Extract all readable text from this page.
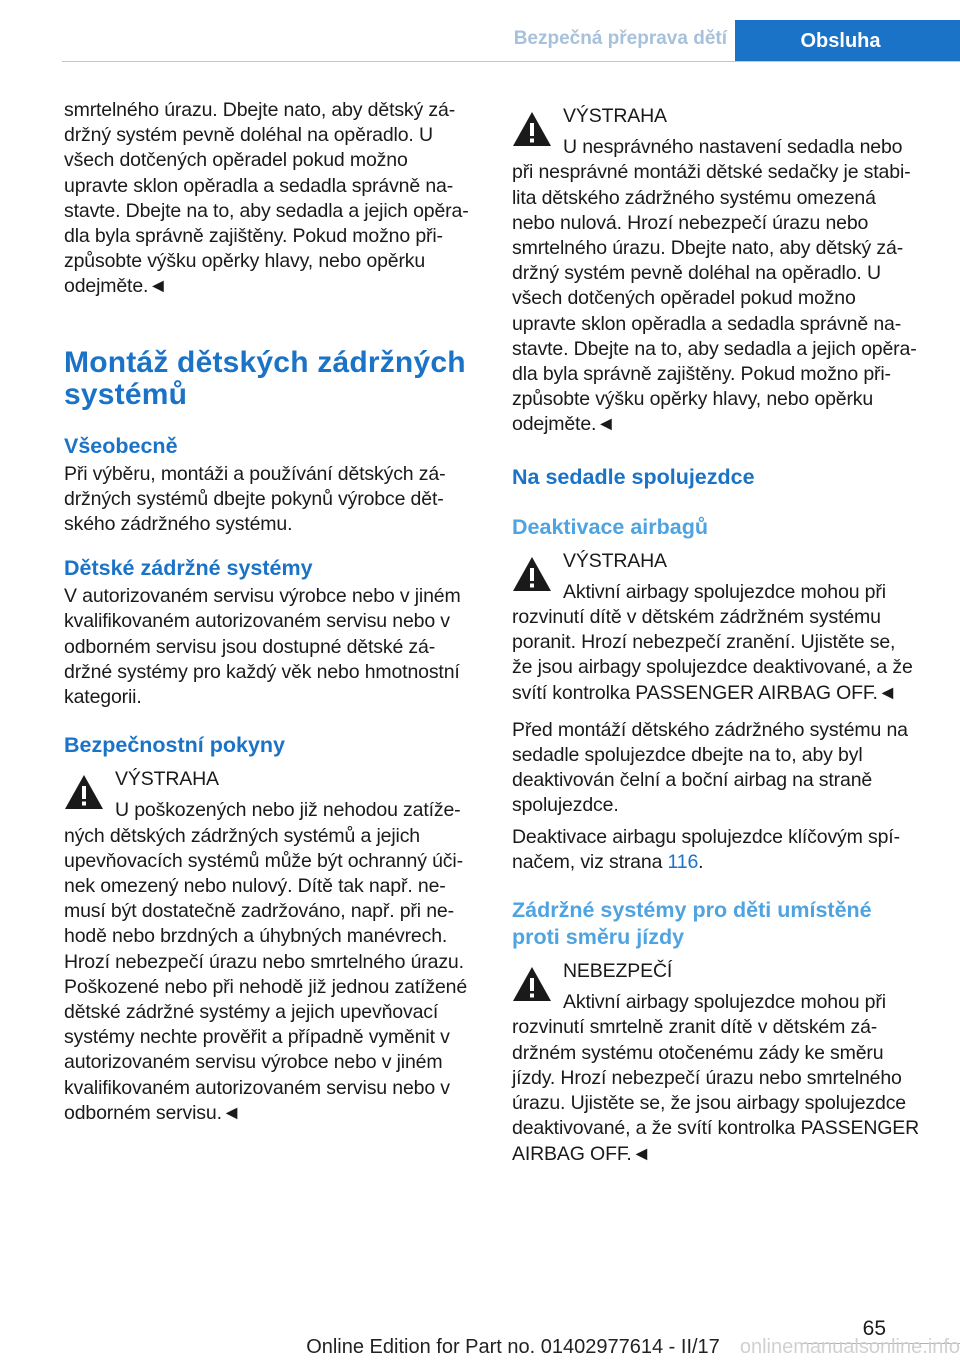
Bezpečná přeprava dětí	Obsluha
smrtelného úrazu. Dbejte nato, aby dětský zá-
držný systém pevně doléhal na opěradlo. U
všech dotčených opěradel pokud možno
upravte sklon opěradla a sedadla správně na-
stavte. Dbejte na to, aby sedadla a jejich opěra-
dla byla správně zajištěny. Pokud možno při-
způsobte výšku opěrky hlavy, nebo opěrku
odejměte.◄
Montáž dětských zádržných
systémů
Všeobecně
Při výběru, montáži a používání dětských zá-
držných systémů dbejte pokynů výrobce dět-
ského zádržného systému.
Dětské zádržné systémy
V autorizovaném servisu výrobce nebo v jiném
kvalifikovaném autorizovaném servisu nebo v
odborném servisu jsou dostupné dětské zá-
držné systémy pro každý věk nebo hmotnostní
kategorii.
Bezpečnostní pokyny
VÝSTRAHA
U poškozených nebo již nehodou zatíže-
ných dětských zádržných systémů a jejich
upevňovacích systémů může být ochranný úči-
nek omezený nebo nulový. Dítě tak např. ne-
musí být dostatečně zadržováno, např. při ne-
hodě nebo brzdných a úhybných manévrech.
Hrozí nebezpečí úrazu nebo smrtelného úrazu.
Poškozené nebo při nehodě již jednou zatížené
dětské zádržné systémy a jejich upevňovací
systémy nechte prověřit a případně vyměnit v
autorizovaném servisu výrobce nebo v jiném
kvalifikovaném autorizovaném servisu nebo v
odborném servisu.◄
VÝSTRAHA
U nesprávného nastavení sedadla nebo
při nesprávné montáži dětské sedačky je stabi-
lita dětského zádržného systému omezená
nebo nulová. Hrozí nebezpečí úrazu nebo
smrtelného úrazu. Dbejte nato, aby dětský zá-
držný systém pevně doléhal na opěradlo. U
všech dotčených opěradel pokud možno
upravte sklon opěradla a sedadla správně na-
stavte. Dbejte na to, aby sedadla a jejich opěra-
dla byla správně zajištěny. Pokud možno při-
způsobte výšku opěrky hlavy, nebo opěrku
odejměte.◄
Na sedadle spolujezdce
Deaktivace airbagů
VÝSTRAHA
Aktivní airbagy spolujezdce mohou při
rozvinutí dítě v dětském zádržném systému
poranit. Hrozí nebezpečí zranění. Ujistěte se,
že jsou airbagy spolujezdce deaktivované, a že
svítí kontrolka PASSENGER AIRBAG OFF.◄
Před montáží dětského zádržného systému na
sedadle spolujezdce dbejte na to, aby byl
deaktivován čelní a boční airbag na straně
spolujezdce.
Deaktivace airbagu spolujezdce klíčovým spí-
načem, viz strana 116.
Zádržné systémy pro děti umístěné
proti směru jízdy
NEBEZPEČÍ
Aktivní airbagy spolujezdce mohou při
rozvinutí smrtelně zranit dítě v dětském zá-
držném systému otočenému zády ke směru
jízdy. Hrozí nebezpečí úrazu nebo smrtelného
úrazu. Ujistěte se, že jsou airbagy spolujezdce
deaktivované, a že svítí kontrolka PASSENGER
AIRBAG OFF.◄
65
onlinemanualsonline.info
Online Edition for Part no. 01402977614 - II/17
